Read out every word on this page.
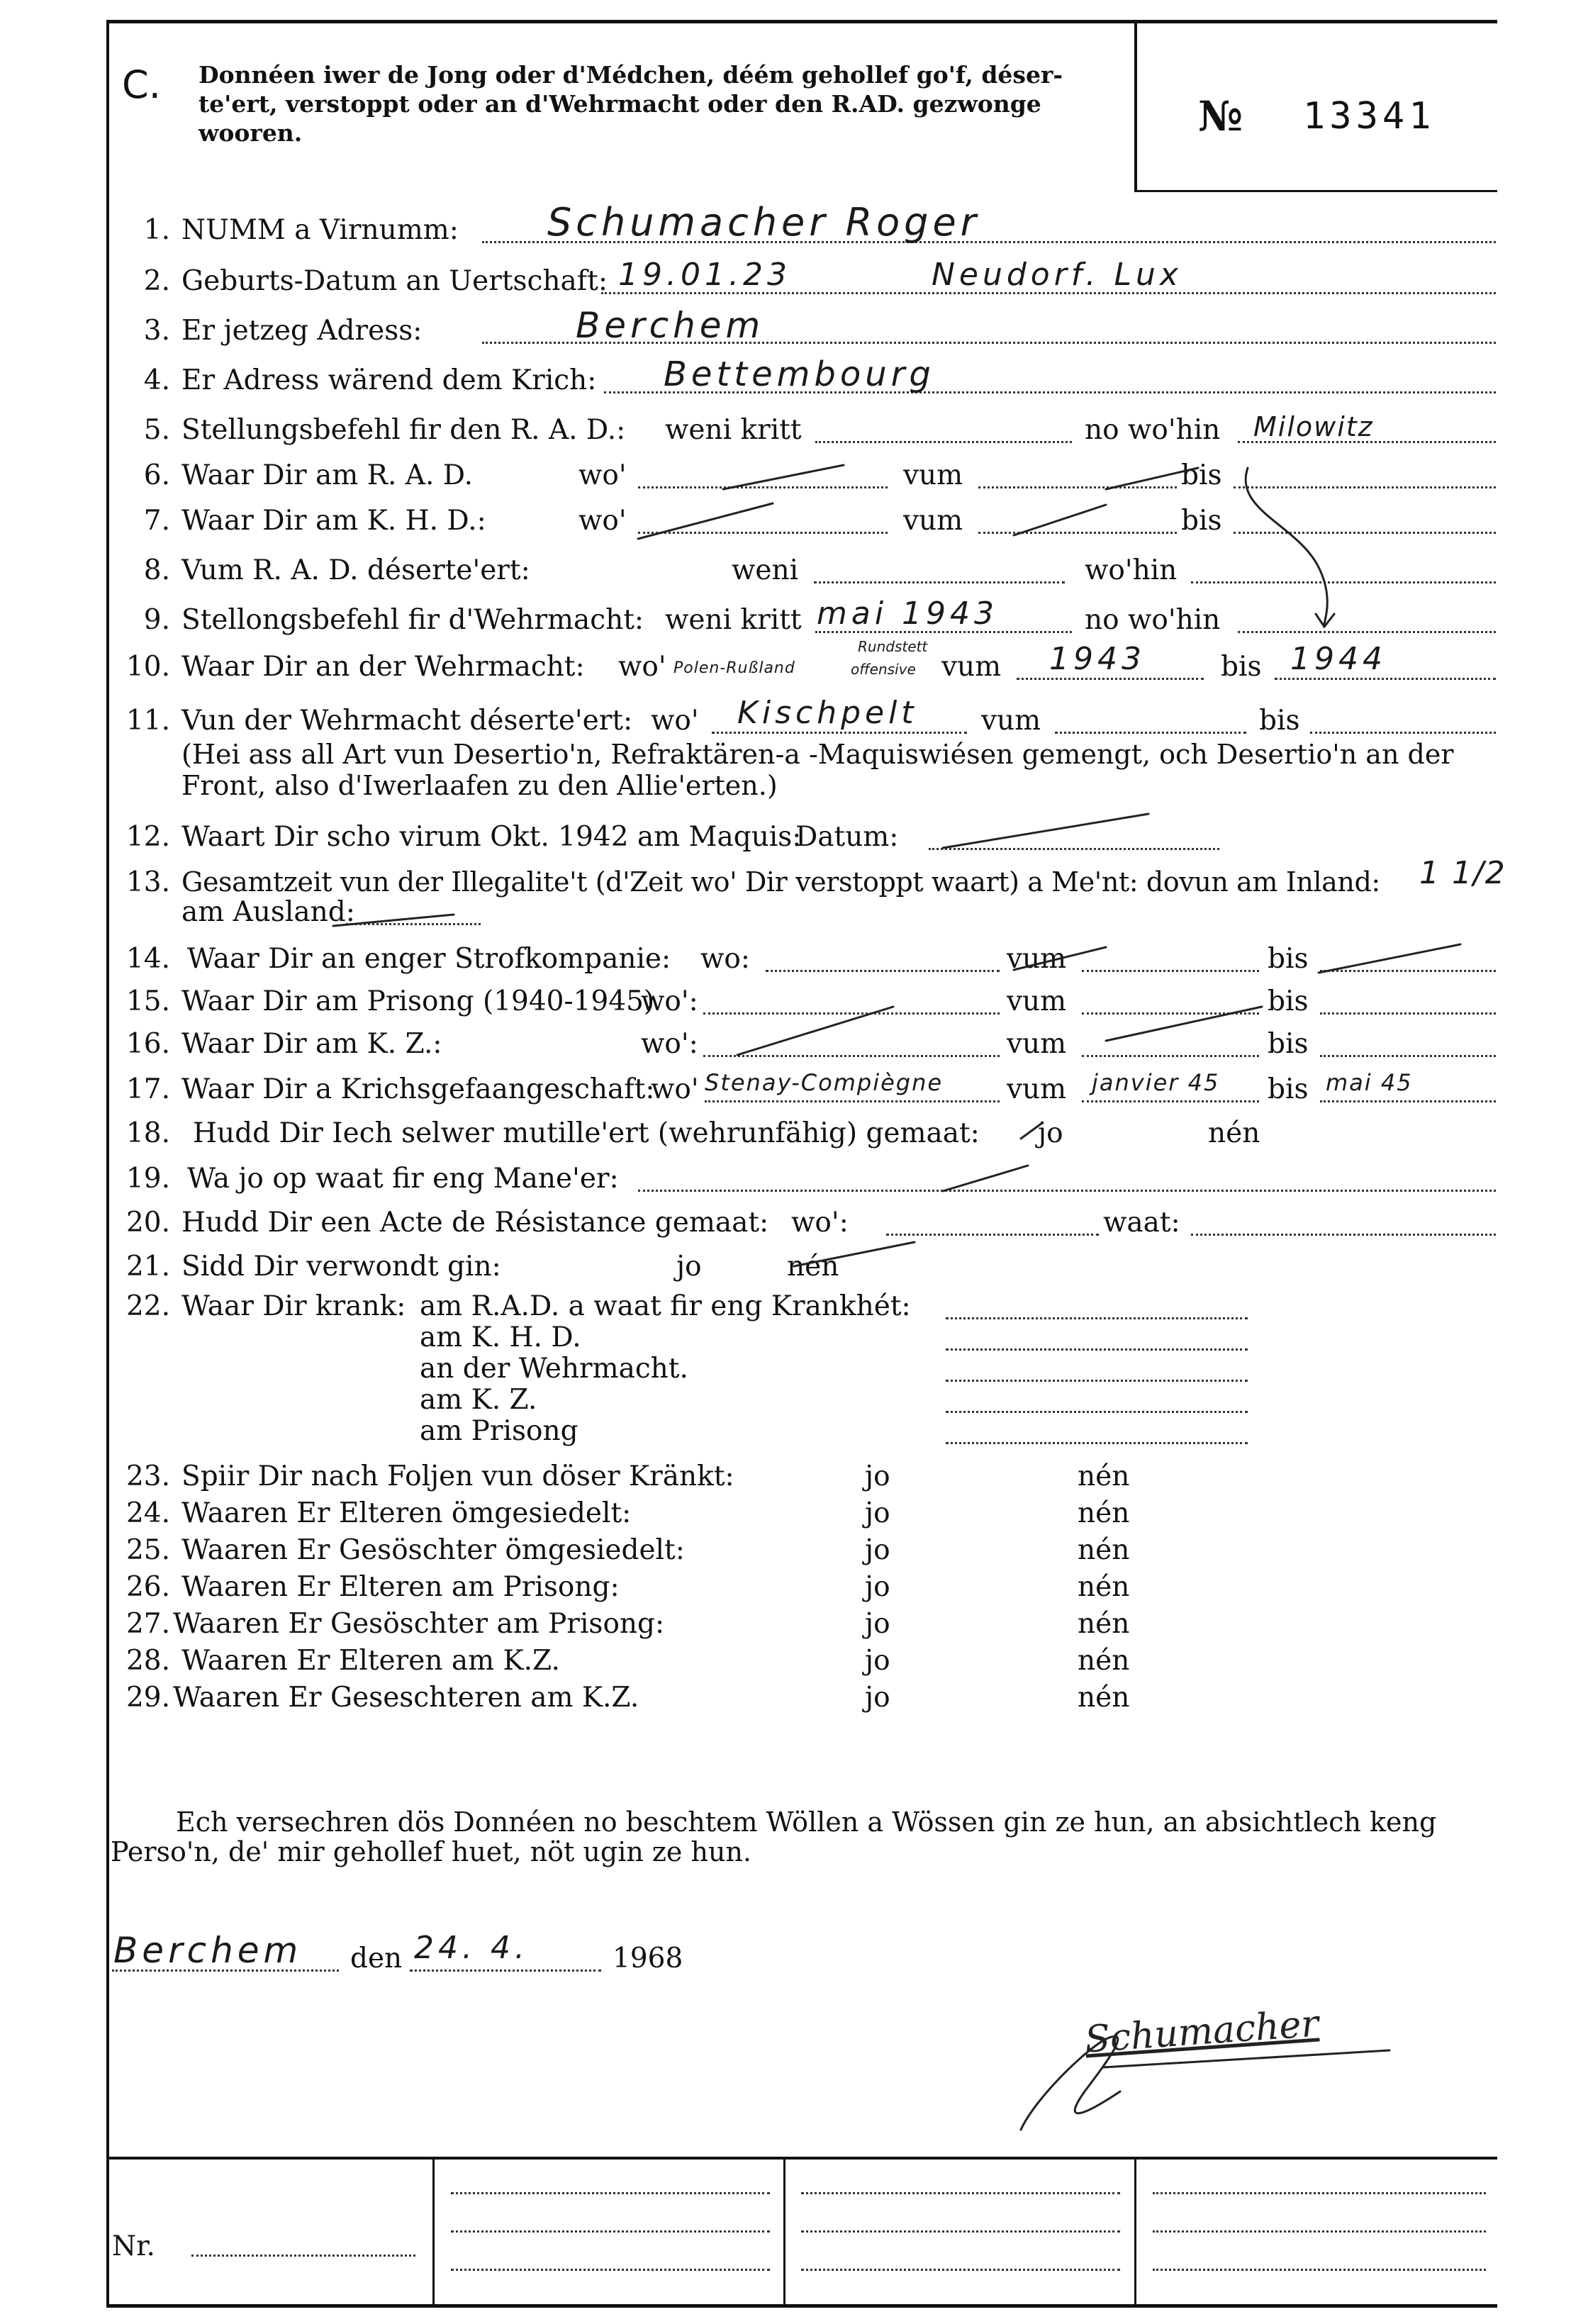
C. Donnéen iwer de Jong oder d'Médchen, déém gehollef go'f, déser-
te'ert, verstoppt oder an d'Wehrmacht oder den R.AD. gezwonge
wooren.	№ 13341
1. NUMM a Virnumm: Schumacher Roger
2. Geburts-Datum an Uertschaft: 19.01.23	Neudorf. Lux
3. Er jetzeg Adress:	Berchem
4. Er Adress wärend dem Krich: Bettembourg
5. Stellungsbefehl fir den R. A. D.: weni kritt	no wo'hin Milowitz
6. Waar Dir am R. A. D.	wo'	vum	bis
7. Waar Dir am K. H. D.:	wo'	vum	bis
8. Vum R. A. D. déserte'ert:	weni	wo'hin
9. Stellongsbefehl fir d'Wehrmacht: weni kritt mai 1943	no wo'hin
10. Waar Dir an der Wehrmacht: wo' Polen-Rußland
Rundstett
offensive vum 1943	bis 1944
11. Vun der Wehrmacht déserte'ert: wo' Kischpelt vum	bis
(Hei ass all Art vun Desertio'n, Refraktären-a -Maquiswiésen gemengt, och Desertio'n an der
Front, also d'Iwerlaafen zu den Allie'erten.)
12. Waart Dir scho virum Okt. 1942 am Maquis:
Datum:
13. Gesamtzeit vun der Illegalite't (d'Zeit wo' Dir verstoppt waart) a Me'nt: dovun am Inland: 1 1/2
am Ausland:
14. Waar Dir an enger Strofkompanie: wo:	vum	bis
15. Waar Dir am Prisong (1940-1945)
wo':	vum	bis
16. Waar Dir am K. Z.:	wo':	vum	bis
17. Waar Dir a Krichsgefaangeschaft:
wo' Stenay-Compiègne vum janvier 45 bis mai 45
18. Hudd Dir Iech selwer mutille'ert (wehrunfähig) gemaat: jo	nén
19. Wa jo op waat fir eng Mane'er:
20. Hudd Dir een Acte de Résistance gemaat: wo':	waat:
21. Sidd Dir verwondt gin:	jo	nén
22. Waar Dir krank: am R.A.D. a waat fir eng Krankhét:
am K. H. D.
an der Wehrmacht.
am K. Z.
am Prisong
23. Spiir Dir nach Foljen vun döser Kränkt:	jo	nén
24. Waaren Er Elteren ömgesiedelt:	jo	nén
25. Waaren Er Gesöschter ömgesiedelt:	jo	nén
26. Waaren Er Elteren am Prisong:	jo	nén
27. Waaren Er Gesöschter am Prisong:	jo	nén
28. Waaren Er Elteren am K.Z.	jo	nén
29. Waaren Er Geseschteren am K.Z.	jo	nén
Ech versechren dös Donnéen no beschtem Wöllen a Wössen gin ze hun, an absichtlech keng
Perso'n, de' mir gehollef huet, nöt ugin ze hun.
Berchem den 24. 4.	1968
Schumacher
Nr.
